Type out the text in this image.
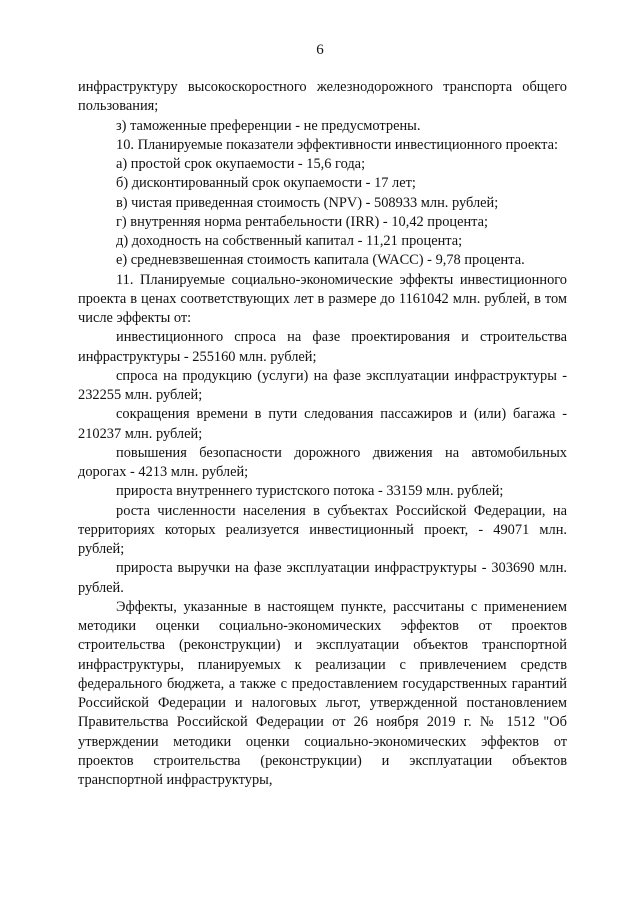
6

инфраструктуру высокоскоростного железнодорожного транспорта общего пользования;

з) таможенные преференции - не предусмотрены.

10. Планируемые показатели эффективности инвестиционного проекта:

а) простой срок окупаемости - 15,6 года;

б) дисконтированный срок окупаемости - 17 лет;

в) чистая приведенная стоимость (NPV) - 508933 млн. рублей;

г) внутренняя норма рентабельности (IRR) - 10,42 процента;

д) доходность на собственный капитал - 11,21 процента;

е) средневзвешенная стоимость капитала (WACC) - 9,78 процента.

11. Планируемые социально-экономические эффекты инвестиционного проекта в ценах соответствующих лет в размере до 1161042 млн. рублей, в том числе эффекты от:

инвестиционного спроса на фазе проектирования и строительства инфраструктуры - 255160 млн. рублей;

спроса на продукцию (услуги) на фазе эксплуатации инфраструктуры - 232255 млн. рублей;

сокращения времени в пути следования пассажиров и (или) багажа - 210237 млн. рублей;

повышения безопасности дорожного движения на автомобильных дорогах - 4213 млн. рублей;

прироста внутреннего туристского потока - 33159 млн. рублей;

роста численности населения в субъектах Российской Федерации, на территориях которых реализуется инвестиционный проект, - 49071 млн. рублей;

прироста выручки на фазе эксплуатации инфраструктуры - 303690 млн. рублей.

Эффекты, указанные в настоящем пункте, рассчитаны с применением методики оценки социально-экономических эффектов от проектов строительства (реконструкции) и эксплуатации объектов транспортной инфраструктуры, планируемых к реализации с привлечением средств федерального бюджета, а также с предоставлением государственных гарантий Российской Федерации и налоговых льгот, утвержденной постановлением Правительства Российской Федерации от 26 ноября 2019 г. № 1512 "Об утверждении методики оценки социально-экономических эффектов от проектов строительства (реконструкции) и эксплуатации объектов транспортной инфраструктуры,
